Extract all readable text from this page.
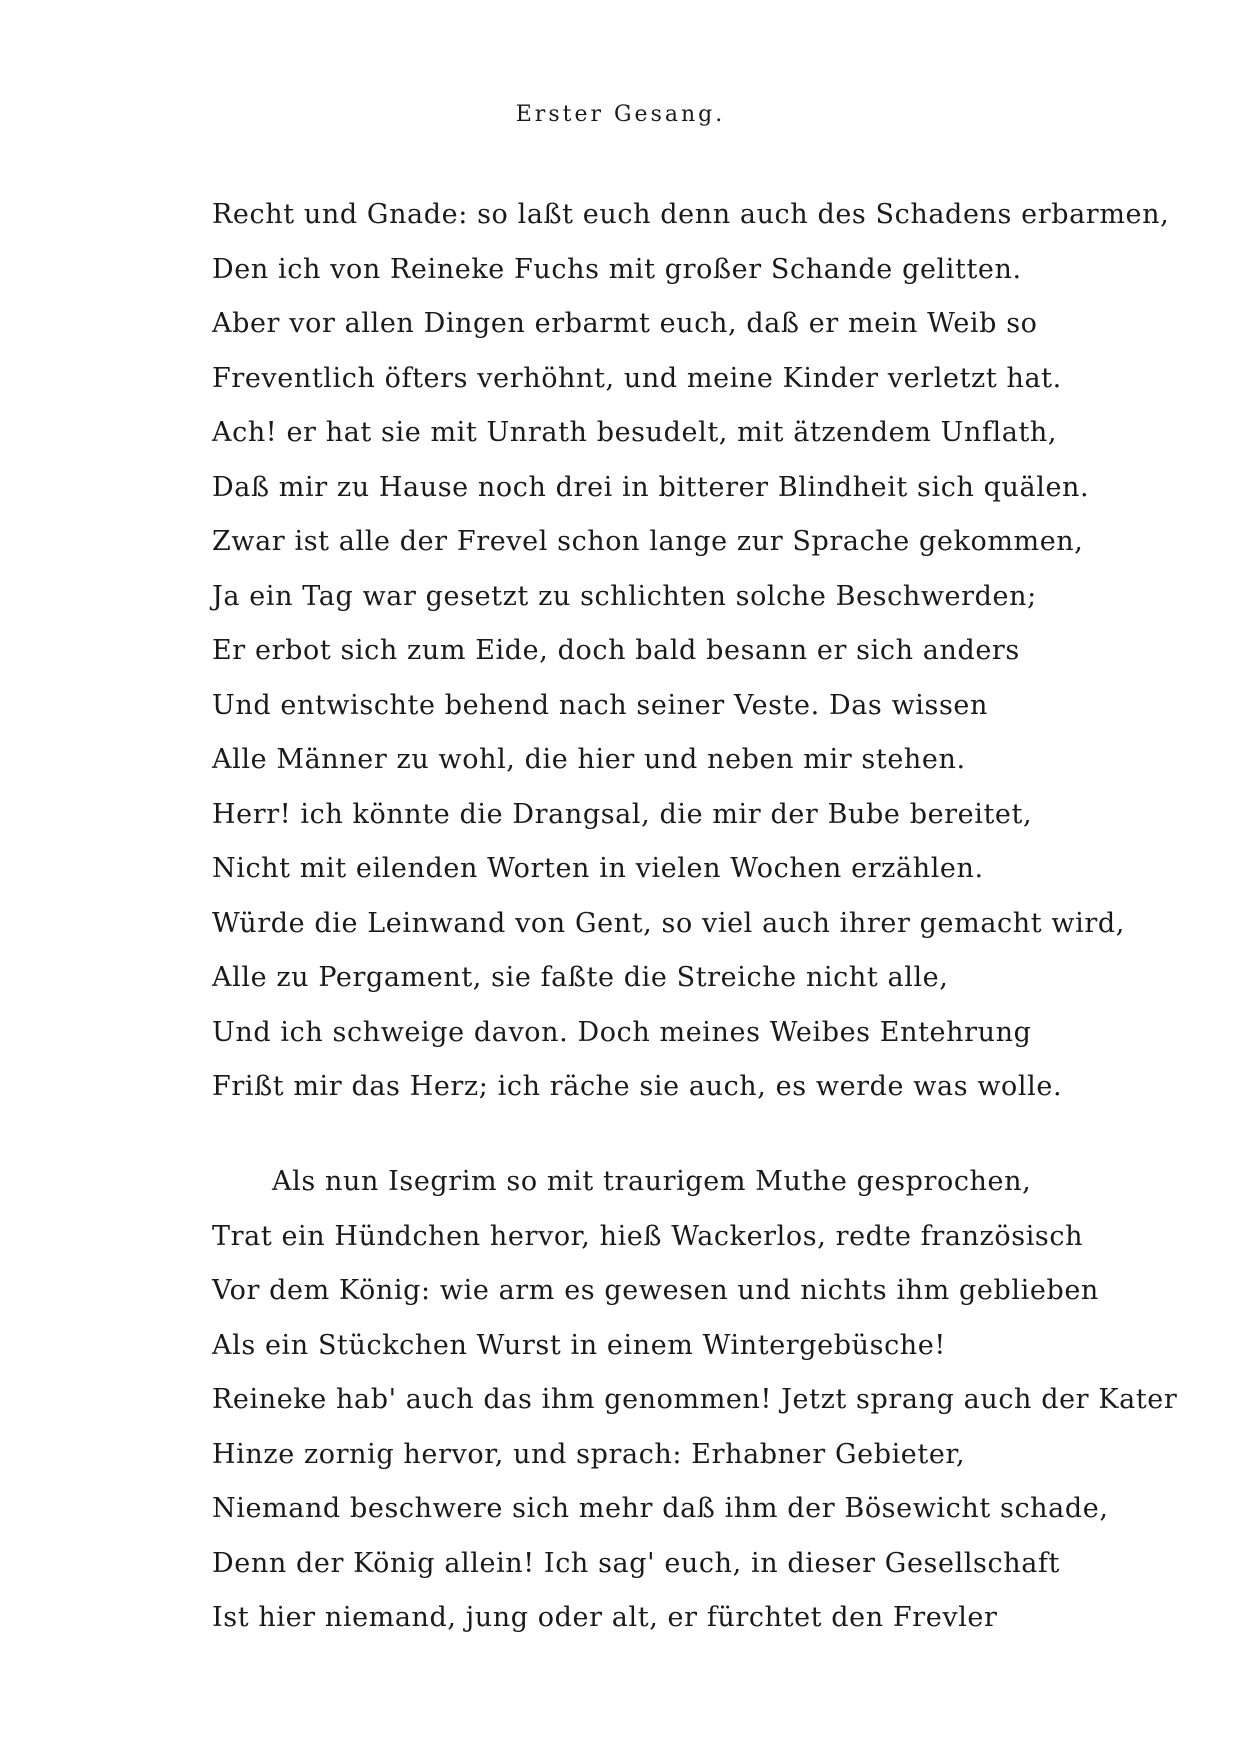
Erster Gesang.
Recht und Gnade: so laßt euch denn auch des Schadens erbarmen,
Den ich von Reineke Fuchs mit großer Schande gelitten.
Aber vor allen Dingen erbarmt euch, daß er mein Weib so
Freventlich öfters verhöhnt, und meine Kinder verletzt hat.
Ach! er hat sie mit Unrath besudelt, mit ätzendem Unflath,
Daß mir zu Hause noch drei in bitterer Blindheit sich quälen.
Zwar ist alle der Frevel schon lange zur Sprache gekommen,
Ja ein Tag war gesetzt zu schlichten solche Beschwerden;
Er erbot sich zum Eide, doch bald besann er sich anders
Und entwischte behend nach seiner Veste. Das wissen
Alle Männer zu wohl, die hier und neben mir stehen.
Herr! ich könnte die Drangsal, die mir der Bube bereitet,
Nicht mit eilenden Worten in vielen Wochen erzählen.
Würde die Leinwand von Gent, so viel auch ihrer gemacht wird,
Alle zu Pergament, sie faßte die Streiche nicht alle,
Und ich schweige davon. Doch meines Weibes Entehrung
Frißt mir das Herz; ich räche sie auch, es werde was wolle.
Als nun Isegrim so mit traurigem Muthe gesprochen,
Trat ein Hündchen hervor, hieß Wackerlos, redte französisch
Vor dem König: wie arm es gewesen und nichts ihm geblieben
Als ein Stückchen Wurst in einem Wintergebüsche!
Reineke hab' auch das ihm genommen! Jetzt sprang auch der Kater
Hinze zornig hervor, und sprach: Erhabner Gebieter,
Niemand beschwere sich mehr daß ihm der Bösewicht schade,
Denn der König allein! Ich sag' euch, in dieser Gesellschaft
Ist hier niemand, jung oder alt, er fürchtet den Frevler
